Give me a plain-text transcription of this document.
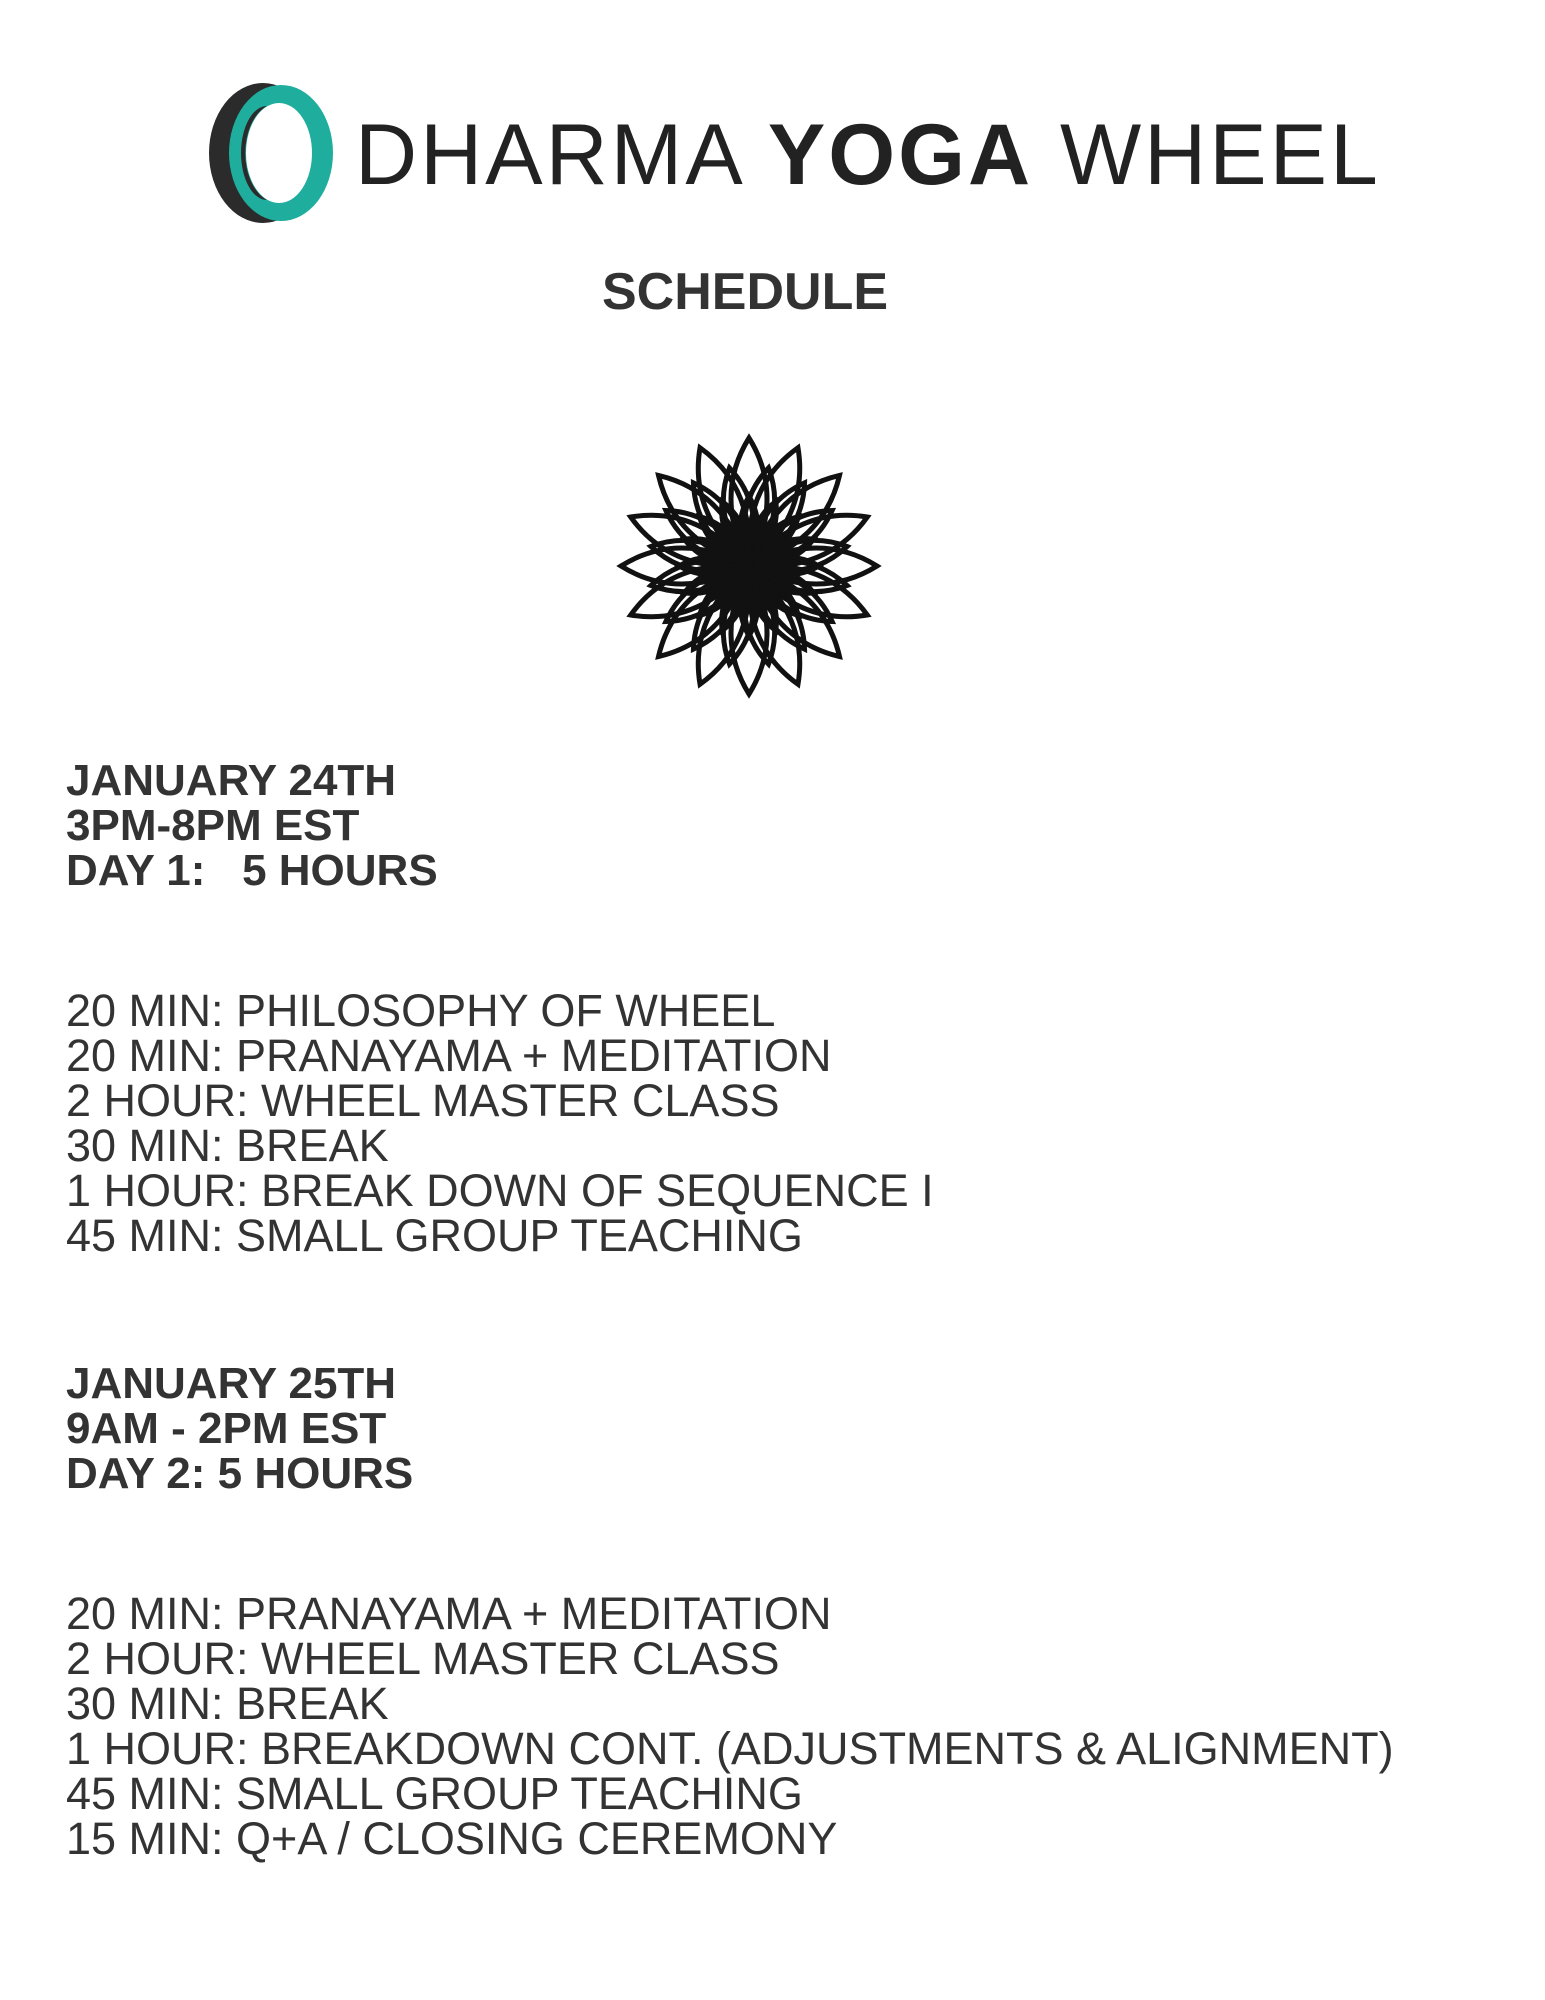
DHARMA YOGA WHEEL
SCHEDULE
JANUARY 24TH
3PM-8PM EST
DAY 1:   5 HOURS
20 MIN: PHILOSOPHY OF WHEEL
20 MIN: PRANAYAMA + MEDITATION
2 HOUR: WHEEL MASTER CLASS
30 MIN: BREAK
1 HOUR: BREAK DOWN OF SEQUENCE I
45 MIN: SMALL GROUP TEACHING
JANUARY 25TH
9AM - 2PM EST
DAY 2: 5 HOURS
20 MIN: PRANAYAMA + MEDITATION
2 HOUR: WHEEL MASTER CLASS
30 MIN: BREAK
1 HOUR: BREAKDOWN CONT. (ADJUSTMENTS & ALIGNMENT)
45 MIN: SMALL GROUP TEACHING
15 MIN: Q+A / CLOSING CEREMONY
